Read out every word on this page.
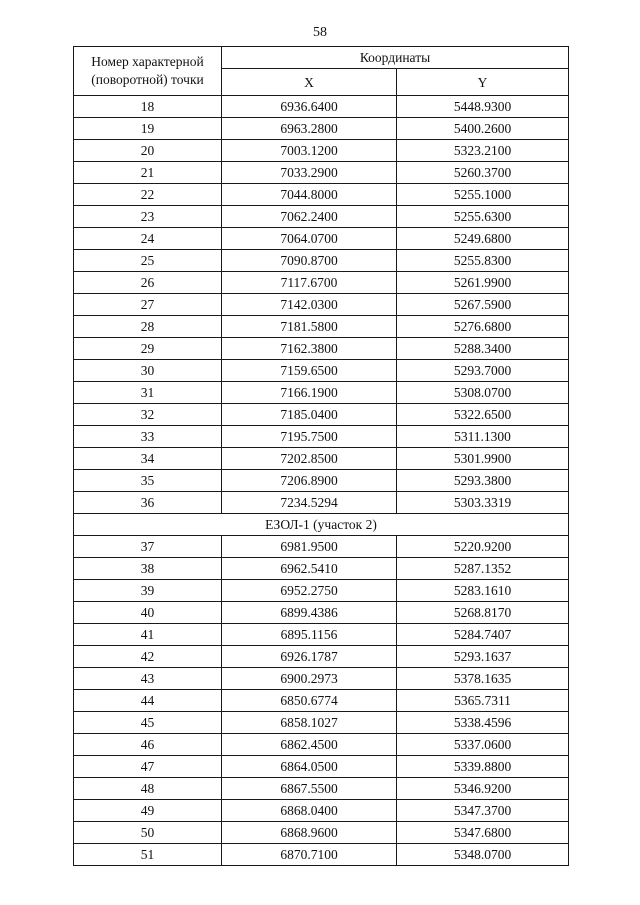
58
Номер характерной (поворотной) точки	Координаты	
	X	Y
18	6936.6400	5448.9300
19	6963.2800	5400.2600
20	7003.1200	5323.2100
21	7033.2900	5260.3700
22	7044.8000	5255.1000
23	7062.2400	5255.6300
24	7064.0700	5249.6800
25	7090.8700	5255.8300
26	7117.6700	5261.9900
27	7142.0300	5267.5900
28	7181.5800	5276.6800
29	7162.3800	5288.3400
30	7159.6500	5293.7000
31	7166.1900	5308.0700
32	7185.0400	5322.6500
33	7195.7500	5311.1300
34	7202.8500	5301.9900
35	7206.8900	5293.3800
36	7234.5294	5303.3319
ЕЗОЛ-1 (участок 2)		
37	6981.9500	5220.9200
38	6962.5410	5287.1352
39	6952.2750	5283.1610
40	6899.4386	5268.8170
41	6895.1156	5284.7407
42	6926.1787	5293.1637
43	6900.2973	5378.1635
44	6850.6774	5365.7311
45	6858.1027	5338.4596
46	6862.4500	5337.0600
47	6864.0500	5339.8800
48	6867.5500	5346.9200
49	6868.0400	5347.3700
50	6868.9600	5347.6800
51	6870.7100	5348.0700
